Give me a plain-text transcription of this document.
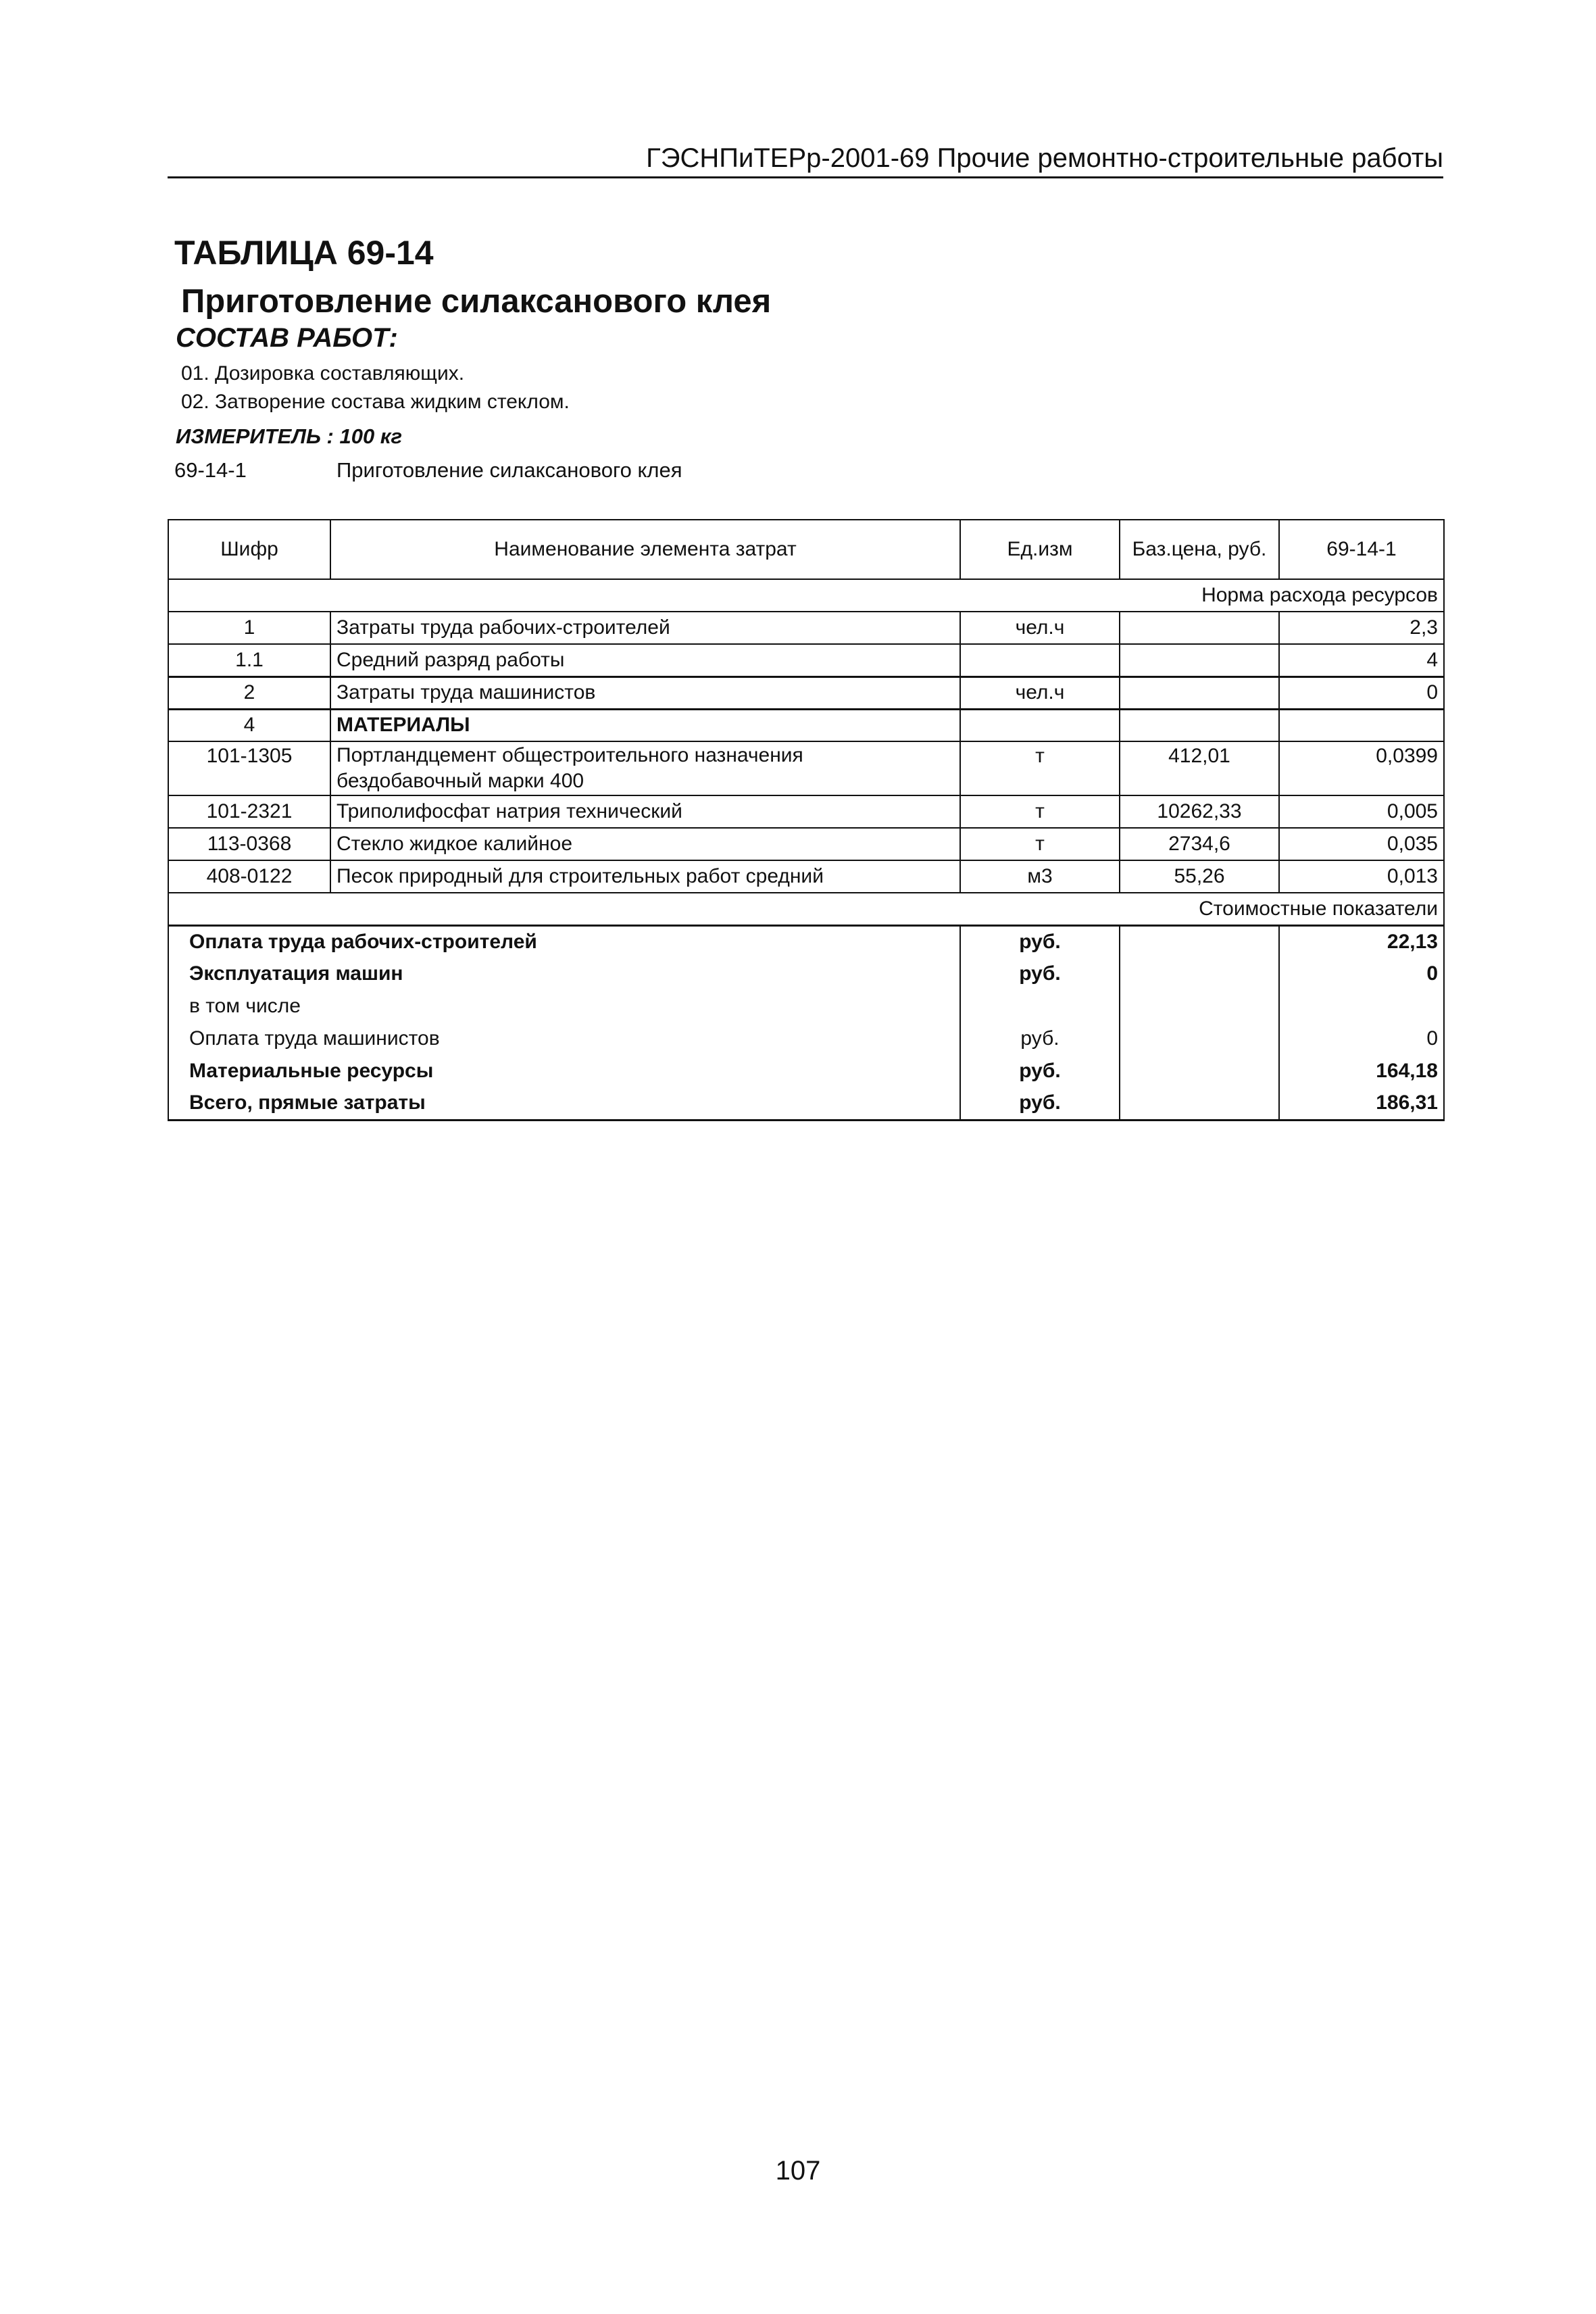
ГЭСНПиТЕРр-2001-69 Прочие ремонтно-строительные работы
ТАБЛИЦА 69-14
Приготовление силаксанового клея
СОСТАВ РАБОТ:
01. Дозировка составляющих.
02. Затворение состава жидким стеклом.
ИЗМЕРИТЕЛЬ : 100 кг
69-14-1	Приготовление силаксанового клея
Шифр	Наименование элемента затрат	Ед.изм	Баз.цена, руб.	69-14-1
Норма расхода ресурсов				
1	Затраты труда рабочих-строителей	чел.ч		2,3
1.1	Средний разряд работы			4
2	Затраты труда машинистов	чел.ч		0
4	МАТЕРИАЛЫ			
101-1305	Портландцемент общестроительного назначения бездобавочный марки 400	т	412,01	0,0399
101-2321	Триполифосфат натрия технический	т	10262,33	0,005
113-0368	Стекло жидкое калийное	т	2734,6	0,035
408-0122	Песок природный для строительных работ средний	м3	55,26	0,013
Стоимостные показатели				
Оплата труда рабочих-строителей		руб.		22,13
Эксплуатация машин		руб.		0
в том числе				
Оплата труда машинистов		руб.		0
Материальные ресурсы		руб.		164,18
Всего, прямые затраты		руб.		186,31
107
